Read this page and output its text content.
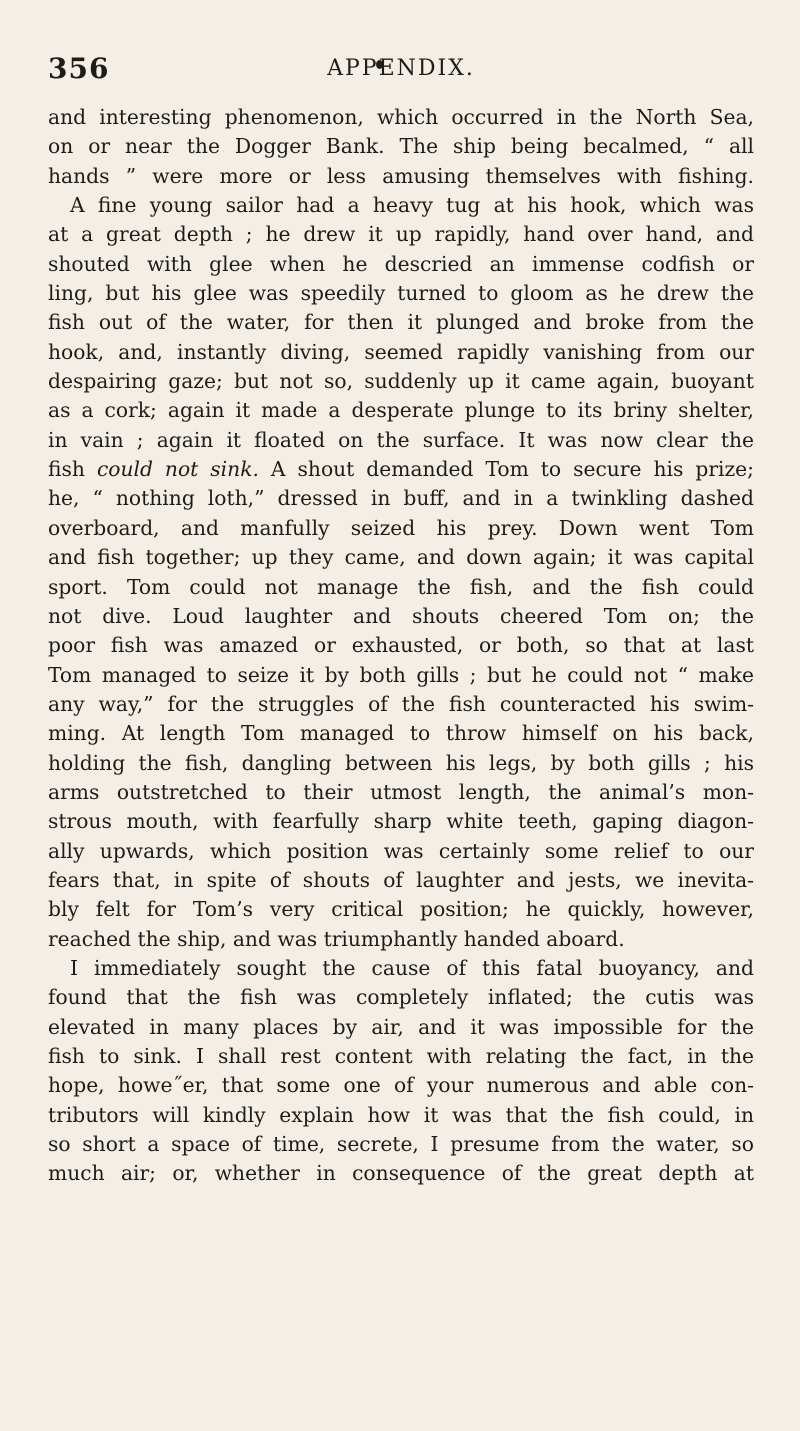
356	APPENDIX.
and interesting phenomenon, which occurred in the North Sea,
on or near the Dogger Bank. The ship being becalmed, “ all
hands ” were more or less amusing themselves with fishing.
A fine young sailor had a heavy tug at his hook, which was
at a great depth ; he drew it up rapidly, hand over hand, and
shouted with glee when he descried an immense codfish or
ling, but his glee was speedily turned to gloom as he drew the
fish out of the water, for then it plunged and broke from the
hook, and, instantly diving, seemed rapidly vanishing from our
despairing gaze; but not so, suddenly up it came again, buoyant
as a cork; again it made a desperate plunge to its briny shelter,
in vain ; again it floated on the surface. It was now clear the
fish could not sink. A shout demanded Tom to secure his prize;
he, “ nothing loth,” dressed in buff, and in a twinkling dashed
overboard, and manfully seized his prey. Down went Tom
and fish together; up they came, and down again; it was capital
sport. Tom could not manage the fish, and the fish could
not dive. Loud laughter and shouts cheered Tom on; the
poor fish was amazed or exhausted, or both, so that at last
Tom managed to seize it by both gills ; but he could not “ make
any way,” for the struggles of the fish counteracted his swim-
ming. At length Tom managed to throw himself on his back,
holding the fish, dangling between his legs, by both gills ; his
arms outstretched to their utmost length, the animal’s mon-
strous mouth, with fearfully sharp white teeth, gaping diagon-
ally upwards, which position was certainly some relief to our
fears that, in spite of shouts of laughter and jests, we inevita-
bly felt for Tom’s very critical position; he quickly, however,
reached the ship, and was triumphantly handed aboard.
I immediately sought the cause of this fatal buoyancy, and
found that the fish was completely inflated; the cutis was
elevated in many places by air, and it was impossible for the
fish to sink. I shall rest content with relating the fact, in the
hope, howe˝er, that some one of your numerous and able con-
tributors will kindly explain how it was that the fish could, in
so short a space of time, secrete, I presume from the water, so
much air; or, whether in consequence of the great depth at
